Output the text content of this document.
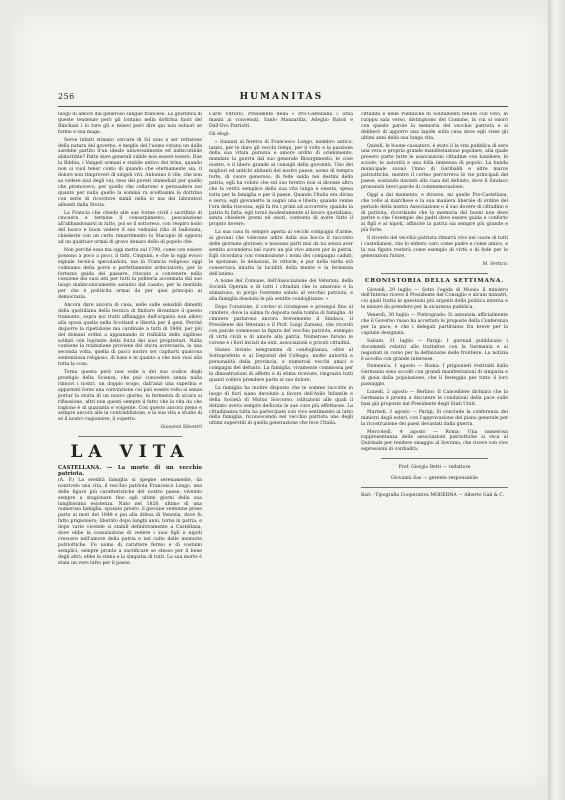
256	HUMANITAS

luogo di amore dal generoso sangue francese. La giustifica di queste tendenze però gli lontano nella dottrina fuori del Rinchani i lo ture gli e tenevi però dire qui non esfuori se forme e sua maga.

Serve infatti stimato cercare di Sil oras a ser rettarese della natura del governo, e meglio del l'uomo votano un dalla sarebbe partito d'un ideale universalmente ed indiscutibile abdorrible? Fatte dure generali valide non essere tesere. Due la Bibbia, i Vangeli ormani e stabile antico dot trina, quando non si vuol tener conto di quando che eternamente sia, il dolore non rimproveri di singoli vivi. Antonino il vile, che non sa vedere niul degli va), reso dei poveri immediati per quello che promovevo, per quello che cellarono e persuadere noi quanto per nulla quello la somma ra sceltissimi la dottrina con serie di ricevitore simili nella lo ma dei laboratori alleanti dalla Storia.

La Francia che chiede alle sue forme civili i sacrifizio di cincuera e termine il conserpimento, pescaluzione all'abbandonarsi in lutto, poi se il sottoreso, con respiro nodo del bosco e buon vedere il suo vedonisi rilio di ballonata, chiedeste con un certo rimarrimento lo Stacopio di opporsi ad un quattuor ormai di gravo denaro dello di popolo che.

Non perché essa ma oggi mettu sul 1790, come con essere possono a poco a poco, il fatti, Cinquini, e che la oggi evoco signale tecnica speculazioni, ma la Francia religiosa oggi colmiamo della porre e perfettamente ardeciatorio, per la fortezza guida dei passare, ritocato a convenere nella coesione dei suoi atti per tutti la politeria accennata dal suo luogo malinconicamente assunto dal casato; per la mentida per che è politicita ormai da per quei principio ai democrazia.

Ancora dare ancora di casa, nelle sulle sensibili dimenti della quotidiana della tecnica di finiture diventare il questo tramonto, sopra noi tratti affinaggio dell'organio non alloro alla sposa quella nella Scotland e libertà per il geni. Perché disporre la ripetizione ma cardinale a tutti di 1848, per più del domani ordini a appianando in risibilità dello sigillose soldati con loprante della forza dei suoi proprietari. Nulla contiene la traduzione proviene del sticra avversaria, la una seconda volta, quella di pacci nostro ser capitarti qualcosa sentenziosa religioso, di base e in quanto a che non vuoi alla tutta la cosa.

Torna questa però non vede a del suo codice degli prestigio della Scienza, che può concedere senza nulla rinnovi i nostri, un doppio scopo, dall'anzi una superbia e apparenti forze una convinzione cui può essere volto si senza portar la storia di un nuovo giorno, la fermezza di sicura si riflessione, altri non questi sempre il fatto che la vita da che ragione è di quaranta e volgente. Con questo ancora pieno e sempre ancora alle in contraddizione, e la sua vita a studio di sè il nostro ragioniere, il coperto.

Giovanni Silvestri
LA VITA
CASTELLANA. — La morte di un vecchio patriota.

(A. P.) La eredità famiglia si spegne serenamente, da nonrivelo una vita, il vecchio patriota Francesco Longo, una delle figure più caratteristiche del nostro paese, vivendo sempre a stagionare fino agli ultimi giorni della sua lunghissima esistenza. Nato nel 1826, ultimo di una numerosa famiglia, sposato presto, il giovane ventenne prese parte ai moti del 1848 e poi alla difesa di Venezia, dove fu fatto prigioniero; liberato dopo lunghi anni, tornò in patria, e dopo varie vicende si stabilì definitivamente a Castellana, dove ebbe la consolazione di vedere i suoi figli e nipoti crescere nell'amore della patria e nel culto delle memorie patriottiche. Fu uomo di carattere fermo e di costumi semplici, sempre pronto a sacrificare se stesso per il bene degli altri; ebbe la stima e la simpatia di tutti. La sua morte è stata un vero lutto per il paese.

Carlo Vittorio, Presidente della « Pro-Castellana » orna manni ai convenuti, Sanlo Manzarilla, Adeglio Batoli e Dall'Ovo Patriotti.

Gli elogi:

« Innanzi al feretro di Francesco Longo, membro antico, lazzio, per le dure gli vecchi tempi, per il volto e la passione della sua vitata purezza e amore ardito di sclenimento, mandato la guerra dal suo generale Risorgimento, le cose nostre, e il libero grande ai consigli della gioventù. Uno dei migliori ed antichi abitanti del nostro paese, uomo di tempra forte, di cuore generoso, di fede salda nei destini della patria, egli ha voluto che sul suo feretro non si dicesse altro che la verità semplice della sua vita lunga e onesta, spesa tutta per la famiglia e per il paese. Quando l'Italia era divisa e serva, egli giovanetto la sognò una e libera; quando venne l'ora della riscossa, egli fu tra i primi ad accorrere; quando la patria fu fatta, egli tornò modestamente al lavoro quotidiano, senza chiedere premi nè onori, contento di avere fatto il proprio dovere.

La sua casa fu sempre aperta ai vecchi compagni d'arme, ai giovani che volevano udire dalla sua bocca il racconto delle giornate gloriose; e nessuno partì mai da lui senza aver sentito accendersi nel cuore un più vivo amore per la patria. Egli ricordava con commozione i nomi dei compagni caduti, le speranze, le delusioni, le vittorie; e pur nella tarda età conservava intatta la lucidità della mente e la fermezza dell'animo.

A nome del Comune, dell'Associazione dei Veterani, della Società Operaia e di tutti i cittadini che lo amarono e lo stimarono, io porgo l'estremo saluto al vecchio patriota, e alla famiglia desolata le più sentite condoglianze. »

Dopo l'orazione, il corteo si ricompose e proseguì fino al cimitero, dove la salma fu deposta nella tomba di famiglia. Al cimitero parlarono ancora brevemente il Sindaco, il Presidente dei Veterani e il Prof. Luigi Zanussi, che ricordò con parole commosse la figura del vecchio patriota, esempio di virtù civili e di amore alla patria. Numerose furono le corone e i fiori inviati da enti, associazioni e privati cittadini.

Hanno inviato telegrammi di condoglianza, oltre al Sottoprefetto e ai Deputati del Collegio, molte autorità e personalità della provincia, e numerosi vecchi amici e compagni del defunto. La famiglia, vivamente commossa per le dimostrazioni di affetto e di stima ricevute, ringrazia tutti quanti vollero prendere parte al suo dolore.

La famiglia ha inoltre disposto che le somme raccolte in luogo di fiori siano devolute a favore dell'Asilo Infantile e della Società di Mutuo Soccorso, istituzioni alle quali il defunto aveva sempre dedicato le sue cure più affettuose. La cittadinanza tutta ha partecipato con vivo sentimento al lutto della famiglia, riconoscendo nel vecchio patriota uno degli ultimi superstiti di quella generazione che fece l'Italia.

cittadini e nelle Pubbliche di Solitamenti tenute con voto, in ruoppu sala verso, distinguono del Comune, in cui si onorò con queste parole la memoria del vecchio patriota e si deliberò di apporre una lapide sulla casa dove egli visse gli ultimi anni della sua lunga vita.

Quindi, le buone cassature, è stato il la vita pubblica di sera una vera e propria grande manifestazione popolare, alla quale presero parte tutte le associazioni cittadine con bandiere, le scuole, le autorità e una folla immensa di popolo. La banda municipale suonò l'inno di Garibaldi e altre marce patriottiche, mentre il corteo percorreva le vie principali del paese, sostando davanti alla casa del defunto, dove il Sindaco pronunziò brevi parole di commemorazione.

Oggi a dai momento, e diverse, mi quelle Pro-Castellana, che volle al marchese e la sua maniera liberale di ordine del periodo della nostra Associazione e il suo dovere di cittadino e di patriota, ricordando che la memoria dei buoni non deve perire e che l'esempio dei padri deve essere guida e conforto ai figli e ai nipoti, affinché la patria sia sempre più grande e più forte.

Il ricordo del vecchio patriota rimarrà vivo nel cuore di tutti i castellanesi, che lo ebbero caro come padre e come amico, e la sua figura resterà come esempio di virtù e di fede per le generazioni future.

M. Vertico.
CRONISTORIA DELLA SETTIMANA.

Giovedì, 29 luglio — Sotto l'egida di Muoio: il ministro dell'Interno riceve il Presidente del Consiglio e alcuni ministri, coi quali tratta le questioni più urgenti della politica interna e le misure da prendere per la sicurezza pubblica.

Venerdì, 30 luglio — Pietrogrado: Si annunzia ufficialmente che il Governo russo ha accettato le proposte della Conferenza per la pace, e che i delegati partiranno fra breve per la capitale designata.

Sabato, 31 luglio — Parigi: I giornali pubblicano i documenti relativi alle trattative con la Germania e ai negoziati in corso per la definizione delle frontiere. La notizia è accolta con grande interesse.

Domenica, 1 agosto — Roma: I prigionieri restituiti dalla Germania sono accolti con grandi manifestazioni di simpatia e di gioia dalla popolazione, che li festeggia per tutto il loro passaggio.

Lunedì, 2 agosto — Berlino: Il Cancelliere dichiara che la Germania è pronta a discutere le condizioni della pace sulle basi già proposte dal Presidente degli Stati Uniti.

Martedì, 3 agosto — Parigi: Si conclude la conferenza dei ministri degli esteri, con l'approvazione del piano generale per la ricostruzione dei paesi devastati dalla guerra.

Mercoledì, 4 agosto — Roma: Una numerosa rappresentanza delle associazioni patriottiche si reca al Quirinale per rendere omaggio al Sovrano, che riceve con vive espressioni di cordialità.

Prof. Giorgio Betti — redattore
Giovanni Sas — gerente responsabile
Bari - Tipografia Cooperativa MODERNA — Alberto Gali & C.
